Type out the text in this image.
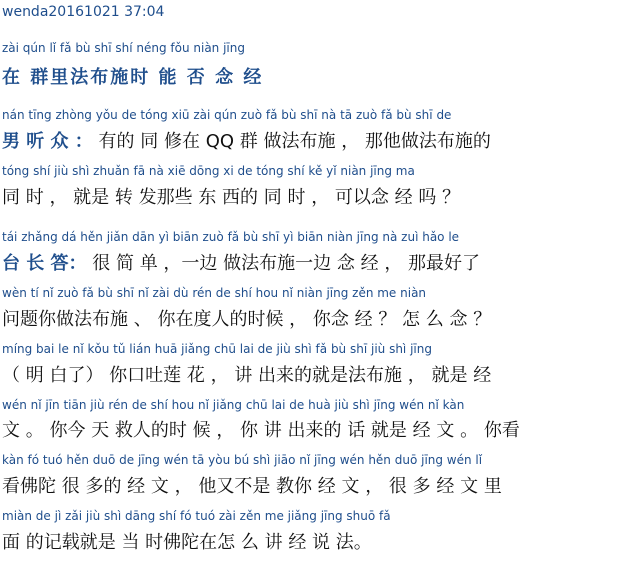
wenda20161021 37:04
zài qún lǐ fǎ bù shī shí néng fǒu niàn jīng
在 群里法布施时 能 否 念 经
nán tīng zhòng yǒu de tóng xiū zài qún zuò fǎ bù shī nà tā zuò fǎ bù shī de
男 听 众 ： 有的 同 修在 QQ 群 做法布施 ， 那他做法布施的
tóng shí jiù shì zhuǎn fā nà xiē dōng xi de tóng shí kě yǐ niàn jīng ma
同 时 ， 就是 转 发那些 东 西的 同 时 ， 可以念 经 吗 ？
tái zhǎng dá hěn jiǎn dān yì biān zuò fǎ bù shī yì biān niàn jīng nà zuì hǎo le
台 长 答： 很 简 单 ，一边 做法布施一边 念 经 ， 那最好了
wèn tí nǐ zuò fǎ bù shī nǐ zài dù rén de shí hou nǐ niàn jīng zěn me niàn
问题你做法布施 、 你在度人的时候 ， 你念 经 ？ 怎 么 念 ？
míng bai le nǐ kǒu tǔ lián huā jiǎng chū lai de jiù shì fǎ bù shī jiù shì jīng
（ 明 白了） 你口吐莲 花 ， 讲 出来的就是法布施 ， 就是 经
wén nǐ jīn tiān jiù rén de shí hou nǐ jiǎng chū lai de huà jiù shì jīng wén nǐ kàn
文 。 你今 天 救人的时 候 ， 你 讲 出来的 话 就是 经 文 。 你看
kàn fó tuó hěn duō de jīng wén tā yòu bú shì jiāo nǐ jīng wén hěn duō jīng wén lǐ
看佛陀 很 多的 经 文 ， 他又不是 教你 经 文 ， 很 多 经 文 里
miàn de jì zǎi jiù shì dāng shí fó tuó zài zěn me jiǎng jīng shuō fǎ
面 的记载就是 当 时佛陀在怎 么 讲 经 说 法。
